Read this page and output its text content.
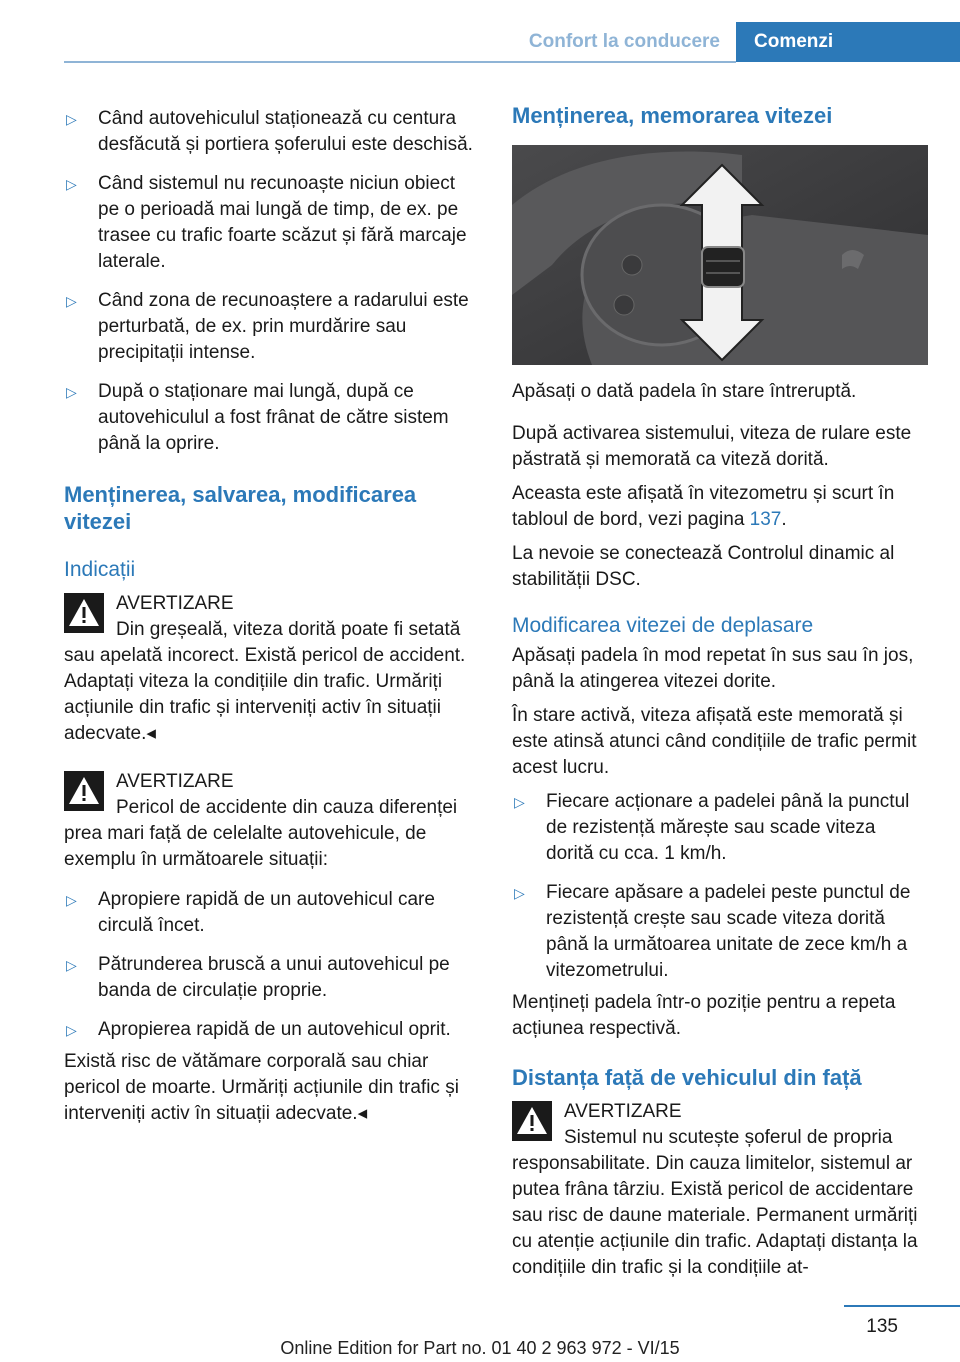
Confort la conducere	Comenzi
▷ Când autovehiculul staționează cu centura desfăcută și portiera șoferului este deschisă.
▷ Când sistemul nu recunoaște niciun obiect pe o perioadă mai lungă de timp, de ex. pe trasee cu trafic foarte scăzut și fără marcaje laterale.
▷ Când zona de recunoaștere a radarului este perturbată, de ex. prin murdărire sau precipitații intense.
▷ După o staționare mai lungă, după ce autovehiculul a fost frânat de către sistem până la oprire.
Menținerea, salvarea, modificarea vitezei
Indicații
AVERTIZARE
Din greșeală, viteza dorită poate fi setată sau apelată incorect. Există pericol de accident. Adaptați viteza la condițiile din trafic. Urmăriți acțiunile din trafic și interveniți activ în situații adecvate.◂
AVERTIZARE
Pericol de accidente din cauza diferenței prea mari față de celelalte autovehicule, de exemplu în următoarele situații:
▷ Apropiere rapidă de un autovehicul care circulă încet.
▷ Pătrunderea bruscă a unui autovehicul pe banda de circulație proprie.
▷ Apropierea rapidă de un autovehicul oprit.

Există risc de vătămare corporală sau chiar pericol de moarte. Urmăriți acțiunile din trafic și interveniți activ în situații adecvate.◂

Menținerea, memorarea vitezei

Apăsați o dată padela în stare întreruptă.

După activarea sistemului, viteza de rulare este păstrată și memorată ca viteză dorită.

Aceasta este afișată în vitezometru și scurt în tabloul de bord, vezi pagina 137.

La nevoie se conectează Controlul dinamic al stabilității DSC.

Modificarea vitezei de deplasare

Apăsați padela în mod repetat în sus sau în jos, până la atingerea vitezei dorite.

În stare activă, viteza afișată este memorată și este atinsă atunci când condițiile de trafic permit acest lucru.

▷ Fiecare acționare a padelei până la punctul de rezistență mărește sau scade viteza dorită cu cca. 1 km/h.
▷ Fiecare apăsare a padelei peste punctul de rezistență crește sau scade viteza dorită până la următoarea unitate de zece km/h a vitezometrului.

Mențineți padela într-o poziție pentru a repeta acțiunea respectivă.

Distanța față de vehiculul din față
AVERTIZARE
Sistemul nu scutește șoferul de propria responsabilitate. Din cauza limitelor, sistemul ar putea frâna târziu. Există pericol de accidentare sau risc de daune materiale. Permanent urmăriți cu atenție acțiunile din trafic. Adaptați distanța la condițiile din trafic și la condițiile at-
135
Online Edition for Part no. 01 40 2 963 972 - VI/15
